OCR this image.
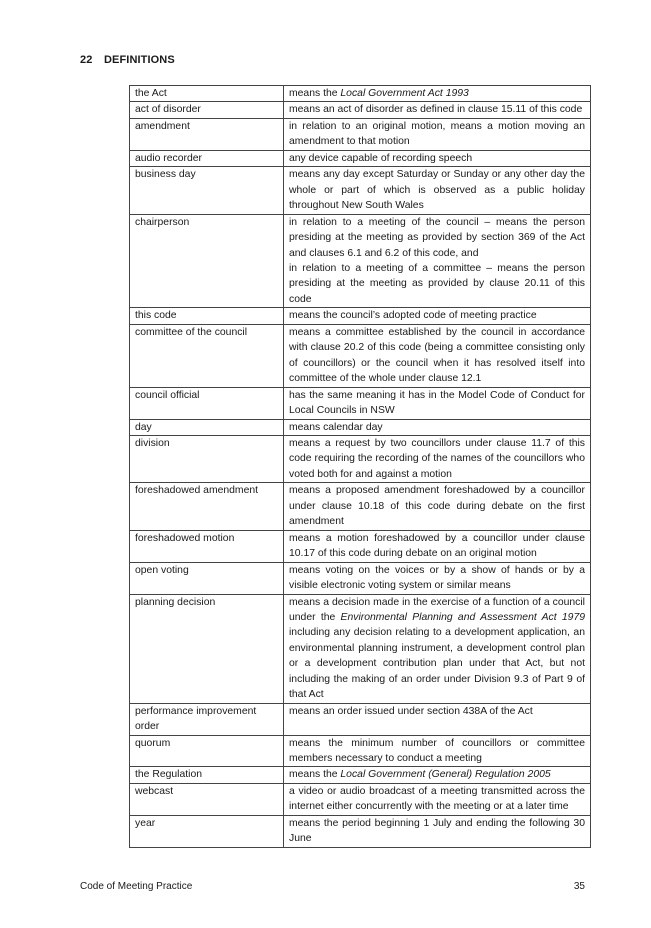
22 DEFINITIONS
the Act	means the Local Government Act 1993
act of disorder	means an act of disorder as defined in clause 15.11 of this code
amendment	in relation to an original motion, means a motion moving an amendment to that motion
audio recorder	any device capable of recording speech
business day	means any day except Saturday or Sunday or any other day the whole or part of which is observed as a public holiday throughout New South Wales
chairperson	in relation to a meeting of the council – means the person presiding at the meeting as provided by section 369 of the Act and clauses 6.1 and 6.2 of this code, and
in relation to a meeting of a committee – means the person presiding at the meeting as provided by clause 20.11 of this code
this code	means the council’s adopted code of meeting practice
committee of the council	means a committee established by the council in accordance with clause 20.2 of this code (being a committee consisting only of councillors) or the council when it has resolved itself into committee of the whole under clause 12.1
council official	has the same meaning it has in the Model Code of Conduct for Local Councils in NSW
day	means calendar day
division	means a request by two councillors under clause 11.7 of this code requiring the recording of the names of the councillors who voted both for and against a motion
foreshadowed amendment	means a proposed amendment foreshadowed by a councillor under clause 10.18 of this code during debate on the first amendment
foreshadowed motion	means a motion foreshadowed by a councillor under clause 10.17 of this code during debate on an original motion
open voting	means voting on the voices or by a show of hands or by a visible electronic voting system or similar means
planning decision	means a decision made in the exercise of a function of a council under the Environmental Planning and Assessment Act 1979 including any decision relating to a development application, an environmental planning instrument, a development control plan or a development contribution plan under that Act, but not including the making of an order under Division 9.3 of Part 9 of that Act
performance improvement order	means an order issued under section 438A of the Act
quorum	means the minimum number of councillors or committee members necessary to conduct a meeting
the Regulation	means the Local Government (General) Regulation 2005
webcast	a video or audio broadcast of a meeting transmitted across the internet either concurrently with the meeting or at a later time
year	means the period beginning 1 July and ending the following 30 June
Code of Meeting Practice	35
